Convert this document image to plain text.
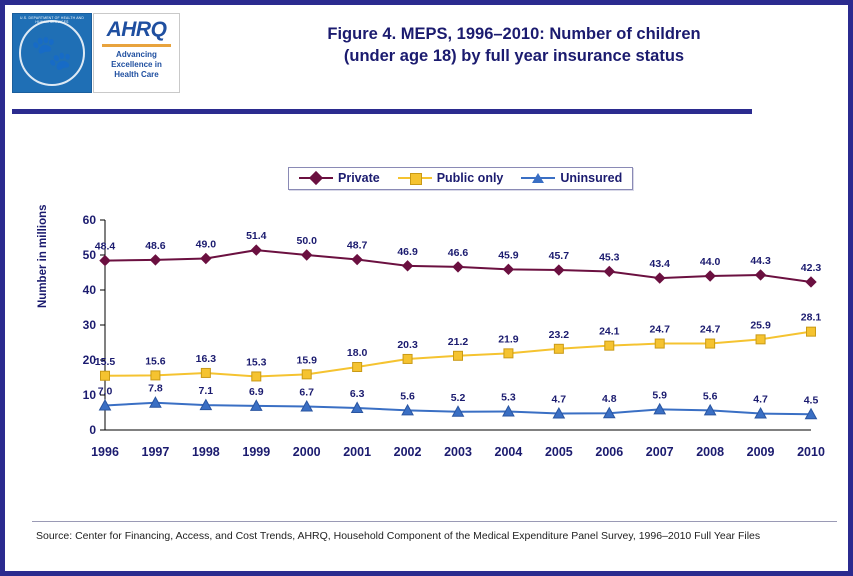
U.S. DEPARTMENT OF HEALTH AND HUMAN SERVICES
🐾
AHRQ
Advancing
Excellence in
Health Care
Figure 4. MEPS, 1996–2010: Number of children
(under age 18) by full year insurance status
Private	Public only	Uninsured
Number in millions
0
10
20
30
40
50
60
1996 1997 1998 1999 2000 2001 2002 2003 2004 2005 2006 2007 2008 2009 2010
48.4	48.6	49.0
51.4	50.0	48.7
46.9	46.6	45.9	45.7	45.3
43.4	44.0	44.3
42.3
15.5	15.6	16.3	15.3	15.9
18.0
20.3	21.2	21.9	23.2	24.1	24.7	24.7	25.9
28.1
7.0	7.8	7.1	6.9	6.7	6.3	5.6	5.2	5.3	4.7	4.8	5.9	5.6	4.7	4.5
Source: Center for Financing, Access, and Cost Trends, AHRQ, Household Component of the Medical Expenditure Panel Survey, 1996–2010 Full Year Files
